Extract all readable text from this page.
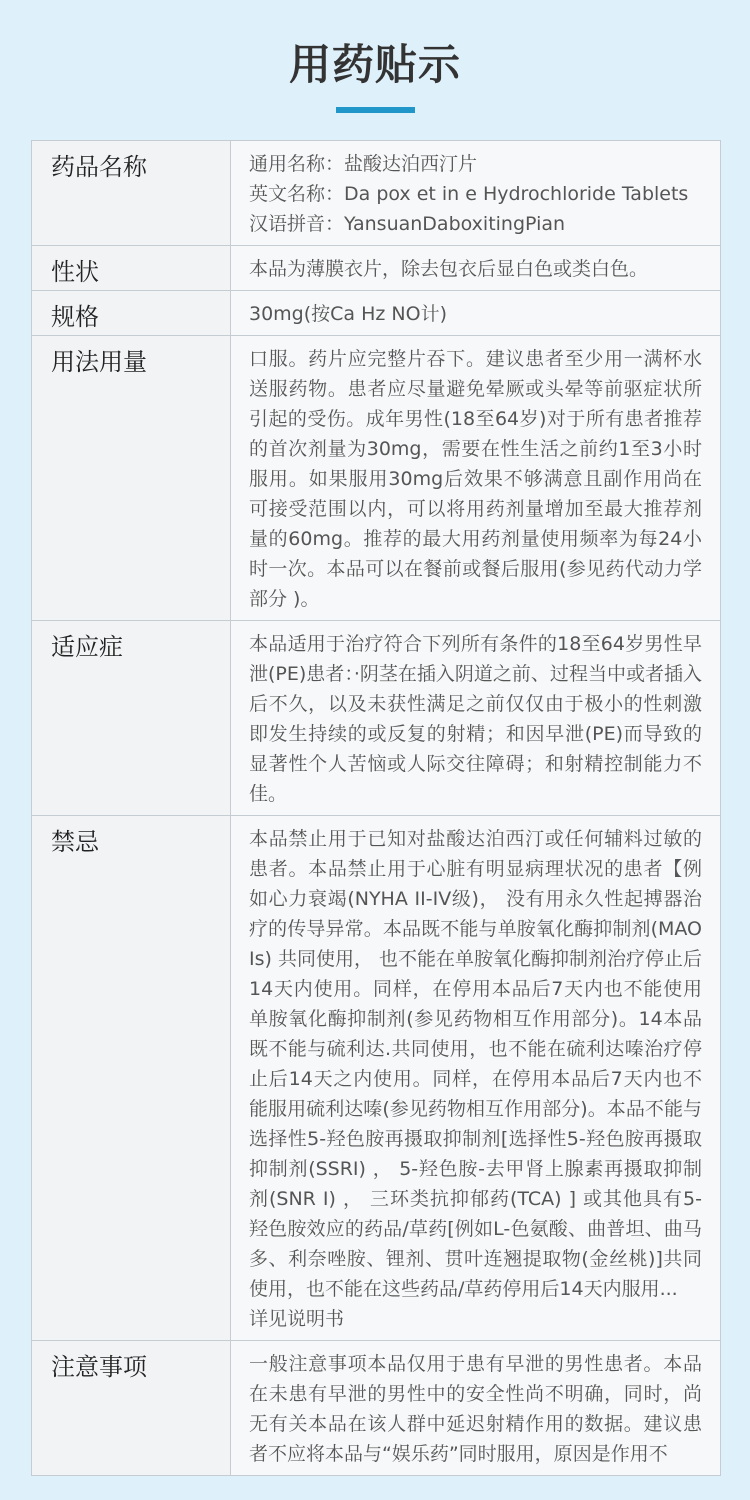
用药贴示
药品名称	通用名称：盐酸达泊西汀片
英文名称：Da pox et in e Hydrochloride Tablets
汉语拼音：YansuanDaboxitingPian

性状	本品为薄膜衣片，除去包衣后显白色或类白色。
规格	30mg(按Ca Hz NO计)
用法用量	口服。药片应完整片吞下。建议患者至少用一满杯水送服药物。患者应尽量避免晕厥或头晕等前驱症状所引起的受伤。成年男性(18至64岁)对于所有患者推荐的首次剂量为30mg，需要在性生活之前约1至3小时服用。如果服用30mg后效果不够满意且副作用尚在可接受范围以内，可以将用药剂量增加至最大推荐剂量的60mg。推荐的最大用药剂量使用频率为每24小时一次。本品可以在餐前或餐后服用(参见药代动力学部分 )。
适应症	本品适用于治疗符合下列所有条件的18至64岁男性早泄(PE)患者：·阴茎在插入阴道之前、过程当中或者插入后不久，以及未获性满足之前仅仅由于极小的性刺激即发生持续的或反复的射精；和因早泄(PE)而导致的显著性个人苦恼或人际交往障碍；和射精控制能力不佳。
禁忌	本品禁止用于已知对盐酸达泊西汀或任何辅料过敏的患者。本品禁止用于心脏有明显病理状况的患者【例如心力衰竭(NYHA II-IV级)， 没有用永久性起搏器治疗的传导异常。本品既不能与单胺氧化酶抑制剂(MAOIs) 共同使用， 也不能在单胺氧化酶抑制剂治疗停止后14天内使用。同样，在停用本品后7天内也不能使用单胺氧化酶抑制剂(参见药物相互作用部分)。14本品既不能与硫利达.共同使用，也不能在硫利达嗪治疗停止后14天之内使用。同样，在停用本品后7天内也不能服用硫利达嗪(参见药物相互作用部分)。本品不能与选择性5-羟色胺再摄取抑制剂[选择性5-羟色胺再摄取抑制剂(SSRI) ， 5-羟色胺-去甲肾上腺素再摄取抑制剂(SNR I) ， 三环类抗抑郁药(TCA) ] 或其他具有5-羟色胺效应的药品/草药[例如L-色氨酸、曲普坦、曲马多、利奈唑胺、锂剂、贯叶连翘提取物(金丝桃)]共同使用，也不能在这些药品/草药停用后14天内服用...
详见说明书

注意事项	一般注意事项本品仅用于患有早泄的男性患者。本品在未患有早泄的男性中的安全性尚不明确，同时，尚无有关本品在该人群中延迟射精作用的数据。建议患者不应将本品与“娱乐药”同时服用，原因是作用不
